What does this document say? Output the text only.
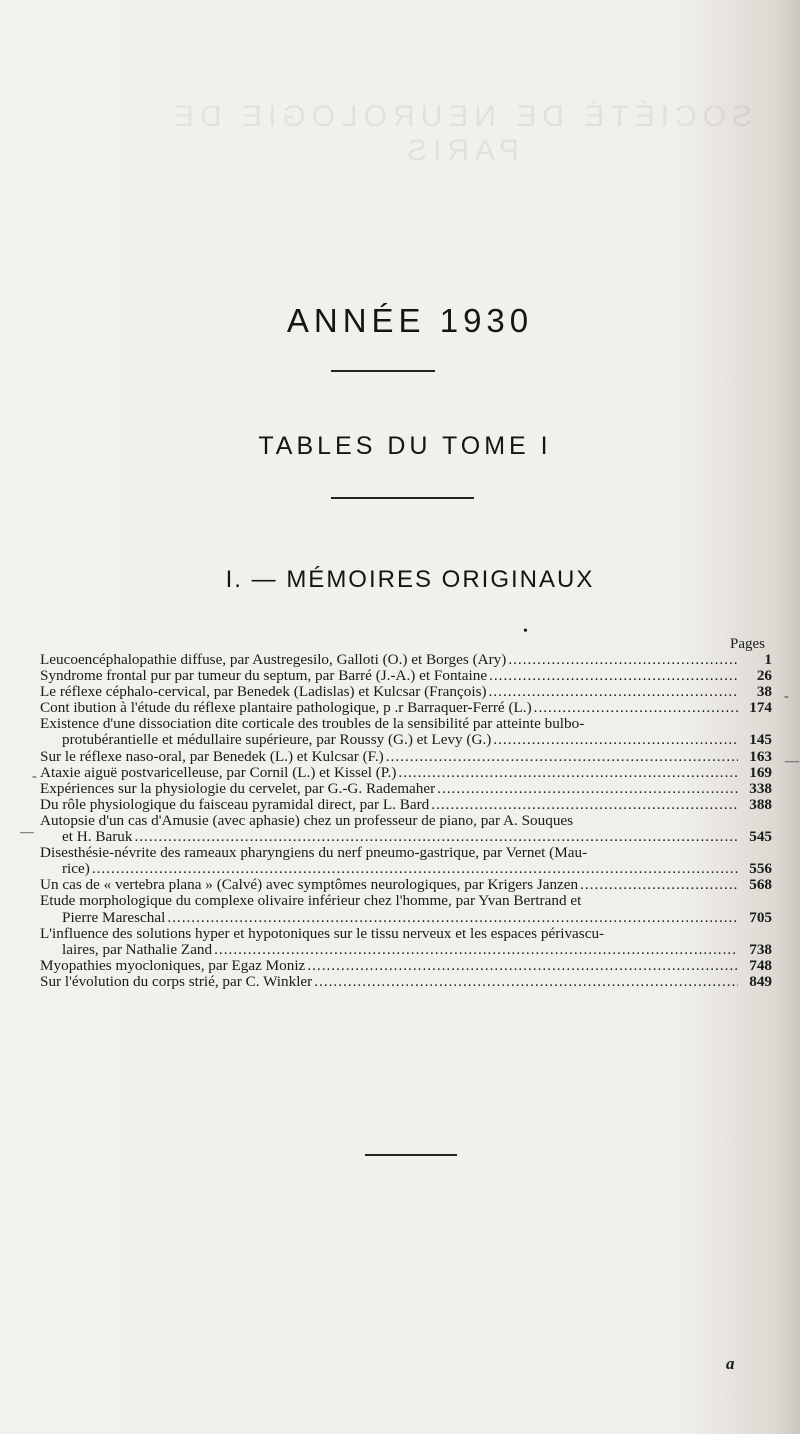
SOCIÉTÉ DE NEUROLOGIE DE PARIS
ANNÉE 1930
TABLES DU TOME I
I. — MÉMOIRES ORIGINAUX
•
Pages
Leucoencéphalopathie diffuse, par Austregesilo, Galloti (O.) et Borges (Ary) .....	1
Syndrome frontal pur par tumeur du septum, par Barré (J.-A.) et Fontaine .....	26
Le réflexe céphalo-cervical, par Benedek (Ladislas) et Kulcsar (François) .....	38
Cont ibution à l'étude du réflexe plantaire pathologique, p .r Barraquer-Ferré (L.) .....	174
Existence d'une dissociation dite corticale des troubles de la sensibilité par atteinte bulbo-
protubérantielle et médullaire supérieure, par Roussy (G.) et Levy (G.) .....	145
Sur le réflexe naso-oral, par Benedek (L.) et Kulcsar (F.) .....	163
Ataxie aiguë postvaricelleuse, par Cornil (L.) et Kissel (P.) .....	169
Expériences sur la physiologie du cervelet, par G.-G. Rademaher .....	338
Du rôle physiologique du faisceau pyramidal direct, par L. Bard .....	388
Autopsie d'un cas d'Amusie (avec aphasie) chez un professeur de piano, par A. Souques
et H. Baruk .....	545
Disesthésie-névrite des rameaux pharyngiens du nerf pneumo-gastrique, par Vernet (Mau-
rice) .....	556
Un cas de « vertebra plana » (Calvé) avec symptômes neurologiques, par Krigers Janzen .....	568
Etude morphologique du complexe olivaire inférieur chez l'homme, par Yvan Bertrand et
Pierre Mareschal .....	705
L'influence des solutions hyper et hypotoniques sur le tissu nerveux et les espaces périvascu-
laires, par Nathalie Zand .....	738
Myopathies myocloniques, par Egaz Moniz .....	748
Sur l'évolution du corps strié, par C. Winkler .....	849
—
-
-
—
a
